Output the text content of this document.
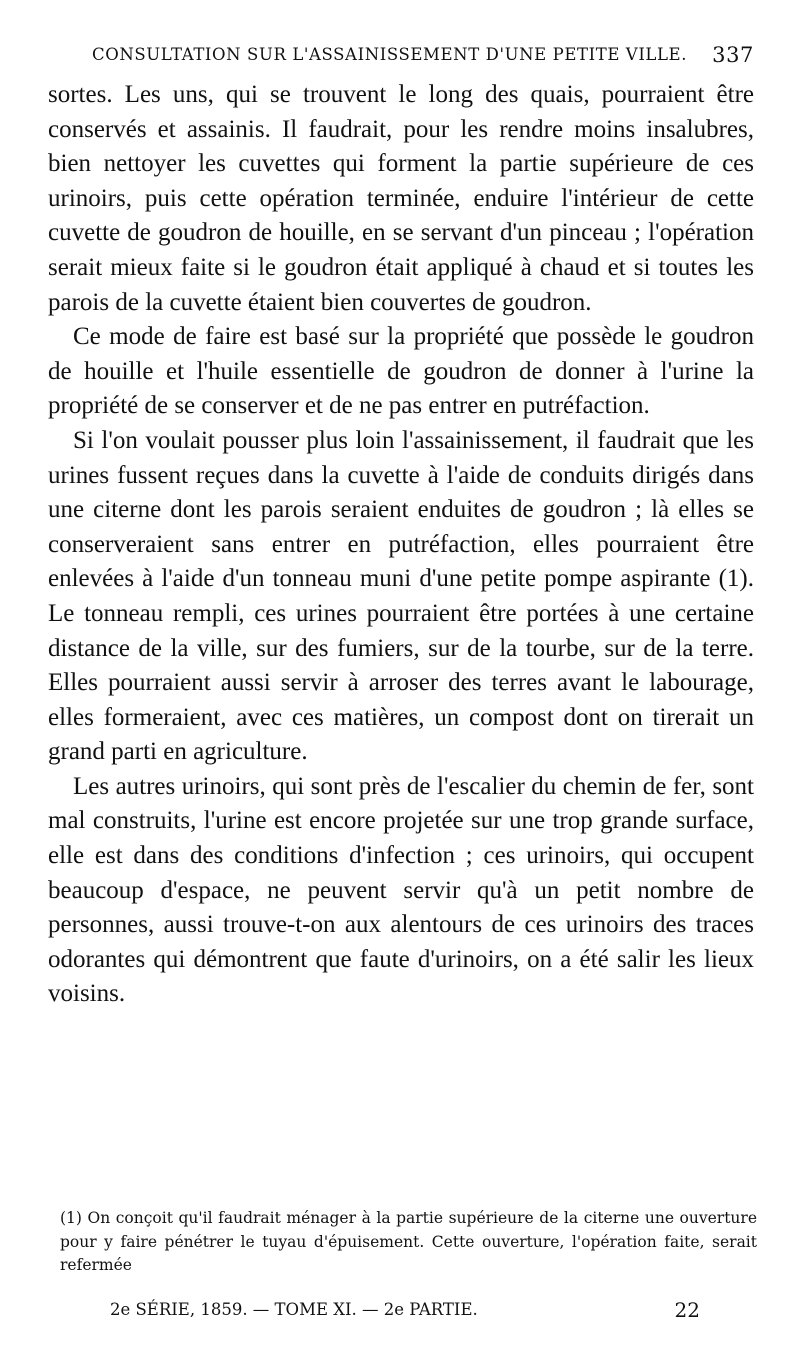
CONSULTATION SUR L'ASSAINISSEMENT D'UNE PETITE VILLE. 337

sortes. Les uns, qui se trouvent le long des quais, pourraient être conservés et assainis. Il faudrait, pour les rendre moins insalubres, bien nettoyer les cuvettes qui forment la partie supérieure de ces urinoirs, puis cette opération terminée, enduire l'intérieur de cette cuvette de goudron de houille, en se servant d'un pinceau ; l'opération serait mieux faite si le goudron était appliqué à chaud et si toutes les parois de la cuvette étaient bien couvertes de goudron.

Ce mode de faire est basé sur la propriété que possède le goudron de houille et l'huile essentielle de goudron de donner à l'urine la propriété de se conserver et de ne pas entrer en putréfaction.

Si l'on voulait pousser plus loin l'assainissement, il faudrait que les urines fussent reçues dans la cuvette à l'aide de conduits dirigés dans une citerne dont les parois seraient enduites de goudron ; là elles se conserveraient sans entrer en putréfaction, elles pourraient être enlevées à l'aide d'un tonneau muni d'une petite pompe aspirante (1). Le tonneau rempli, ces urines pourraient être portées à une certaine distance de la ville, sur des fumiers, sur de la tourbe, sur de la terre. Elles pourraient aussi servir à arroser des terres avant le labourage, elles formeraient, avec ces matières, un compost dont on tirerait un grand parti en agriculture.

Les autres urinoirs, qui sont près de l'escalier du chemin de fer, sont mal construits, l'urine est encore projetée sur une trop grande surface, elle est dans des conditions d'infection ; ces urinoirs, qui occupent beaucoup d'espace, ne peuvent servir qu'à un petit nombre de personnes, aussi trouve-t-on aux alentours de ces urinoirs des traces odorantes qui démontrent que faute d'urinoirs, on a été salir les lieux voisins.

(1) On conçoit qu'il faudrait ménager à la partie supérieure de la citerne une ouverture pour y faire pénétrer le tuyau d'épuisement. Cette ouverture, l'opération faite, serait refermée

2e SÉRIE, 1859. — TOME XI. — 2e PARTIE.	22
